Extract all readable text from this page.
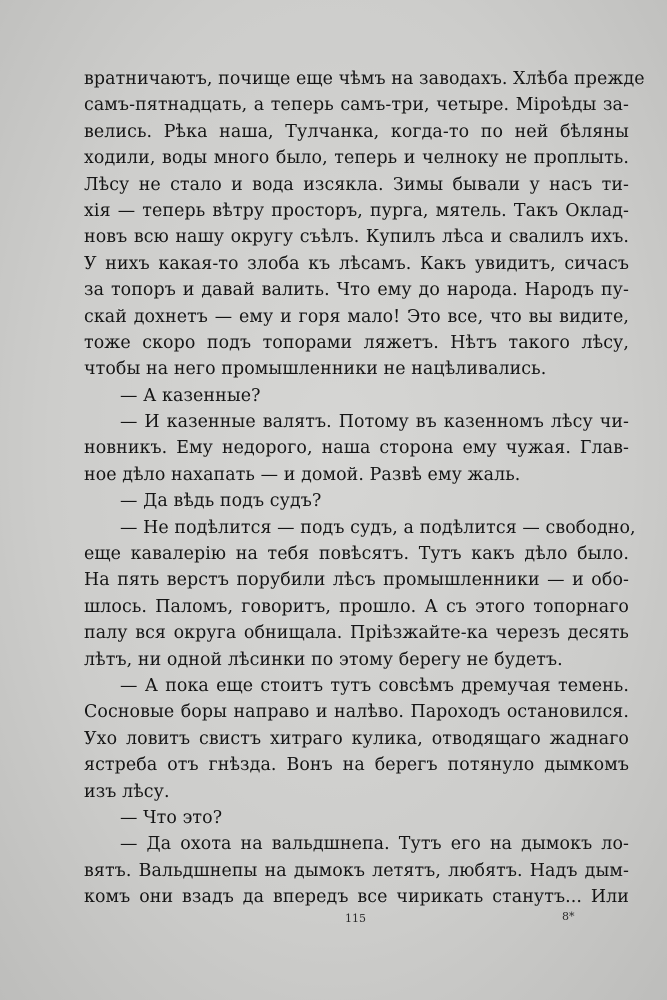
вратничаютъ, почище еще чѣмъ на заводахъ. Хлѣба прежде
самъ-пятнадцать, а теперь самъ-три, четыре. Міроѣды за-
велись. Рѣка наша, Тулчанка, когда-то по ней бѣляны
ходили, воды много было, теперь и челноку не проплыть.
Лѣсу не стало и вода изсякла. Зимы бывали у насъ ти-
хія — теперь вѣтру просторъ, пурга, мятель. Такъ Оклад-
новъ всю нашу округу съѣлъ. Купилъ лѣса и свалилъ ихъ.
У нихъ какая-то злоба къ лѣсамъ. Какъ увидитъ, сичасъ
за топоръ и давай валить. Что ему до народа. Народъ пу-
скай дохнетъ — ему и горя мало! Это все, что вы видите,
тоже скоро подъ топорами ляжетъ. Нѣтъ такого лѣсу,
чтобы на него промышленники не нацѣливались.
— А казенные?
— И казенные валятъ. Потому въ казенномъ лѣсу чи-
новникъ. Ему недорого, наша сторона ему чужая. Глав-
ное дѣло нахапать — и домой. Развѣ ему жаль.
— Да вѣдь подъ судъ?
— Не подѣлится — подъ судъ, а подѣлится — свободно,
еще кавалерію на тебя повѣсятъ. Тутъ какъ дѣло было.
На пять верстъ порубили лѣсъ промышленники — и обо-
шлось. Паломъ, говоритъ, прошло. А съ этого топорнаго
палу вся округа обнищала. Пріѣзжайте-ка черезъ десять
лѣтъ, ни одной лѣсинки по этому берегу не будетъ.
— А пока еще стоитъ тутъ совсѣмъ дремучая темень.
Сосновые боры направо и налѣво. Пароходъ остановился.
Ухо ловитъ свистъ хитраго кулика, отводящаго жаднаго
ястреба отъ гнѣзда. Вонъ на берегъ потянуло дымкомъ
изъ лѣсу.
— Что это?
— Да охота на вальдшнепа. Тутъ его на дымокъ ло-
вятъ. Вальдшнепы на дымокъ летятъ, любятъ. Надъ дым-
комъ они взадъ да впередъ все чирикать станутъ... Или
115	8*
